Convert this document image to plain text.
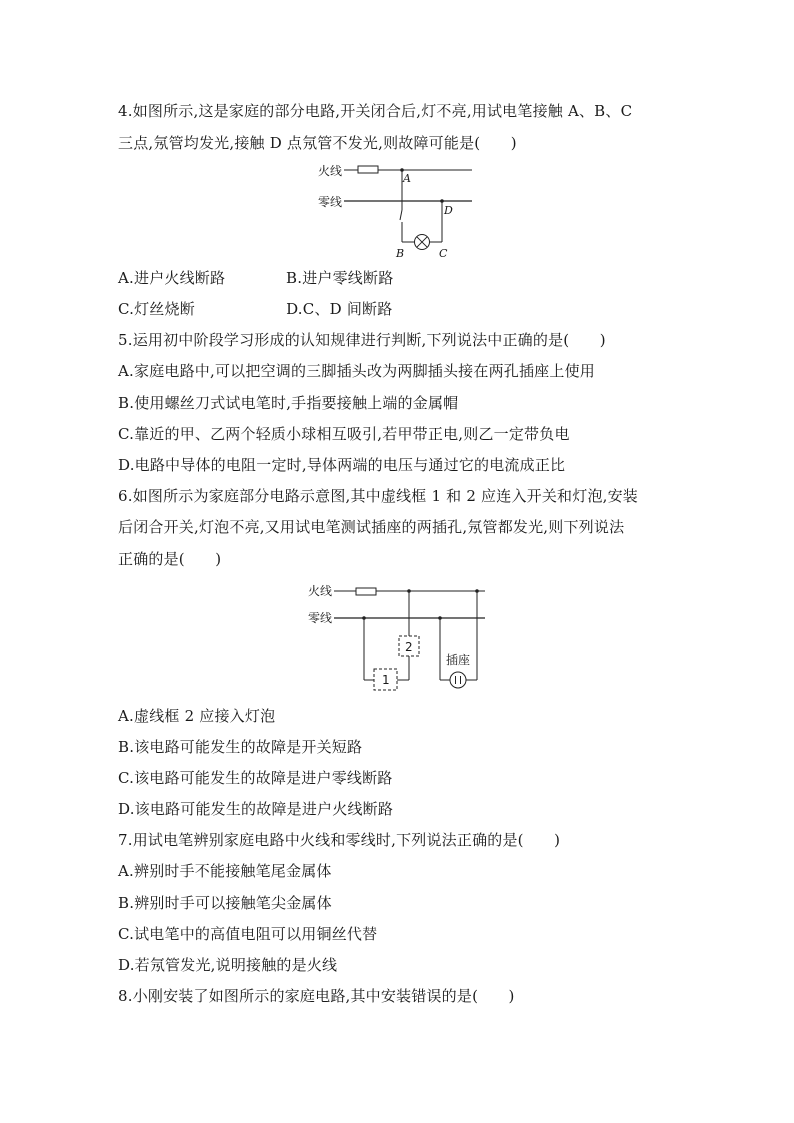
4.如图所示,这是家庭的部分电路,开关闭合后,灯不亮,用试电笔接触 A、B、C
三点,氖管均发光,接触 D 点氖管不发光,则故障可能是(　　)
火线
A
零线
D
B	C
A.进户火线断路　　　　B.进户零线断路
C.灯丝烧断　　　　　　D.C、D 间断路
5.运用初中阶段学习形成的认知规律进行判断,下列说法中正确的是(　　)
A.家庭电路中,可以把空调的三脚插头改为两脚插头接在两孔插座上使用
B.使用螺丝刀式试电笔时,手指要接触上端的金属帽
C.靠近的甲、乙两个轻质小球相互吸引,若甲带正电,则乙一定带负电
D.电路中导体的电阻一定时,导体两端的电压与通过它的电流成正比
6.如图所示为家庭部分电路示意图,其中虚线框 1 和 2 应连入开关和灯泡,安装
后闭合开关,灯泡不亮,又用试电笔测试插座的两插孔,氖管都发光,则下列说法
正确的是(　　)
火线
零线
2
1
插座
A.虚线框 2 应接入灯泡
B.该电路可能发生的故障是开关短路
C.该电路可能发生的故障是进户零线断路
D.该电路可能发生的故障是进户火线断路
7.用试电笔辨别家庭电路中火线和零线时,下列说法正确的是(　　)
A.辨别时手不能接触笔尾金属体
B.辨别时手可以接触笔尖金属体
C.试电笔中的高值电阻可以用铜丝代替
D.若氖管发光,说明接触的是火线
8.小刚安装了如图所示的家庭电路,其中安装错误的是(　　)
